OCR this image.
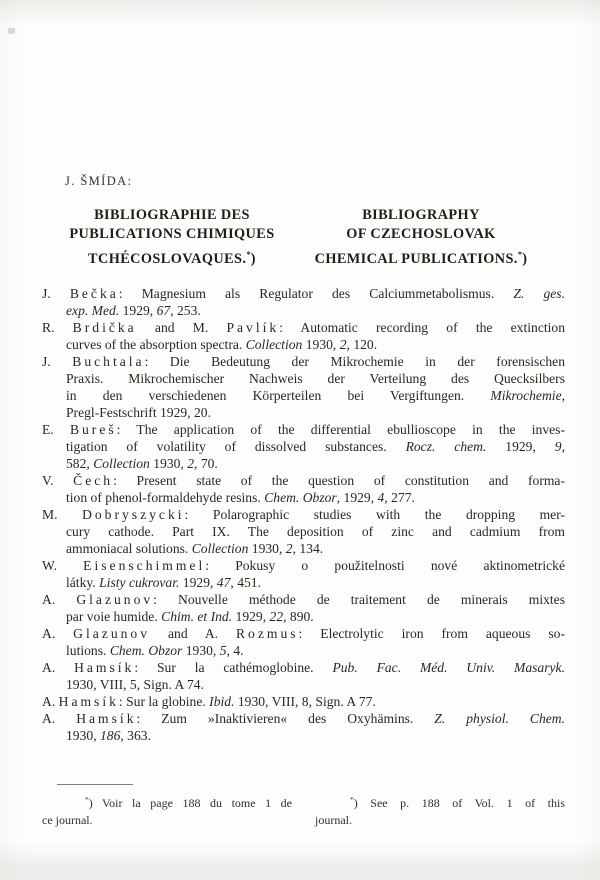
J. ŠMÍDA:
BIBLIOGRAPHIE DES
PUBLICATIONS CHIMIQUES
TCHÉCOSLOVAQUES.*)
BIBLIOGRAPHY
OF CZECHOSLOVAK
CHEMICAL PUBLICATIONS.*)
J. Bečka: Magnesium als Regulator des Calciummetabolismus. Z. ges.
exp. Med. 1929, 67, 253.
R. Brdička and M. Pavlík: Automatic recording of the extinction
curves of the absorption spectra. Collection 1930, 2, 120.
J. Buchtala: Die Bedeutung der Mikrochemie in der forensischen
Praxis. Mikrochemischer Nachweis der Verteilung des Quecksilbers
in den verschiedenen Körperteilen bei Vergiftungen. Mikrochemie,
Pregl-Festschrift 1929, 20.
E. Bureš: The application of the differential ebullioscope in the inves-
tigation of volatility of dissolved substances. Rocz. chem. 1929, 9,
582, Collection 1930, 2, 70.
V. Čech: Present state of the question of constitution and forma-
tion of phenol-formaldehyde resins. Chem. Obzor, 1929, 4, 277.
M. Dobryszycki: Polarographic studies with the dropping mer-
cury cathode. Part IX. The deposition of zinc and cadmium from
ammoniacal solutions. Collection 1930, 2, 134.
W. Eisenschimmel: Pokusy o použitelnosti nové aktinometrické
látky. Listy cukrovar. 1929, 47, 451.
A. Glazunov: Nouvelle méthode de traitement de minerais mixtes
par voie humide. Chim. et Ind. 1929, 22, 890.
A. Glazunov and A. Rozmus: Electrolytic iron from aqueous so-
lutions. Chem. Obzor 1930, 5, 4.
A. Hamsík: Sur la cathémoglobine. Pub. Fac. Méd. Univ. Masaryk.
1930, VIII, 5, Sign. A 74.
A. Hamsík: Sur la globine. Ibid. 1930, VIII, 8, Sign. A 77.
A. Hamsík: Zum »Inaktivieren« des Oxyhämins. Z. physiol. Chem.
1930, 186, 363.
*) Voir la page 188 du tome 1 de
ce journal.
*) See p. 188 of Vol. 1 of this
journal.
